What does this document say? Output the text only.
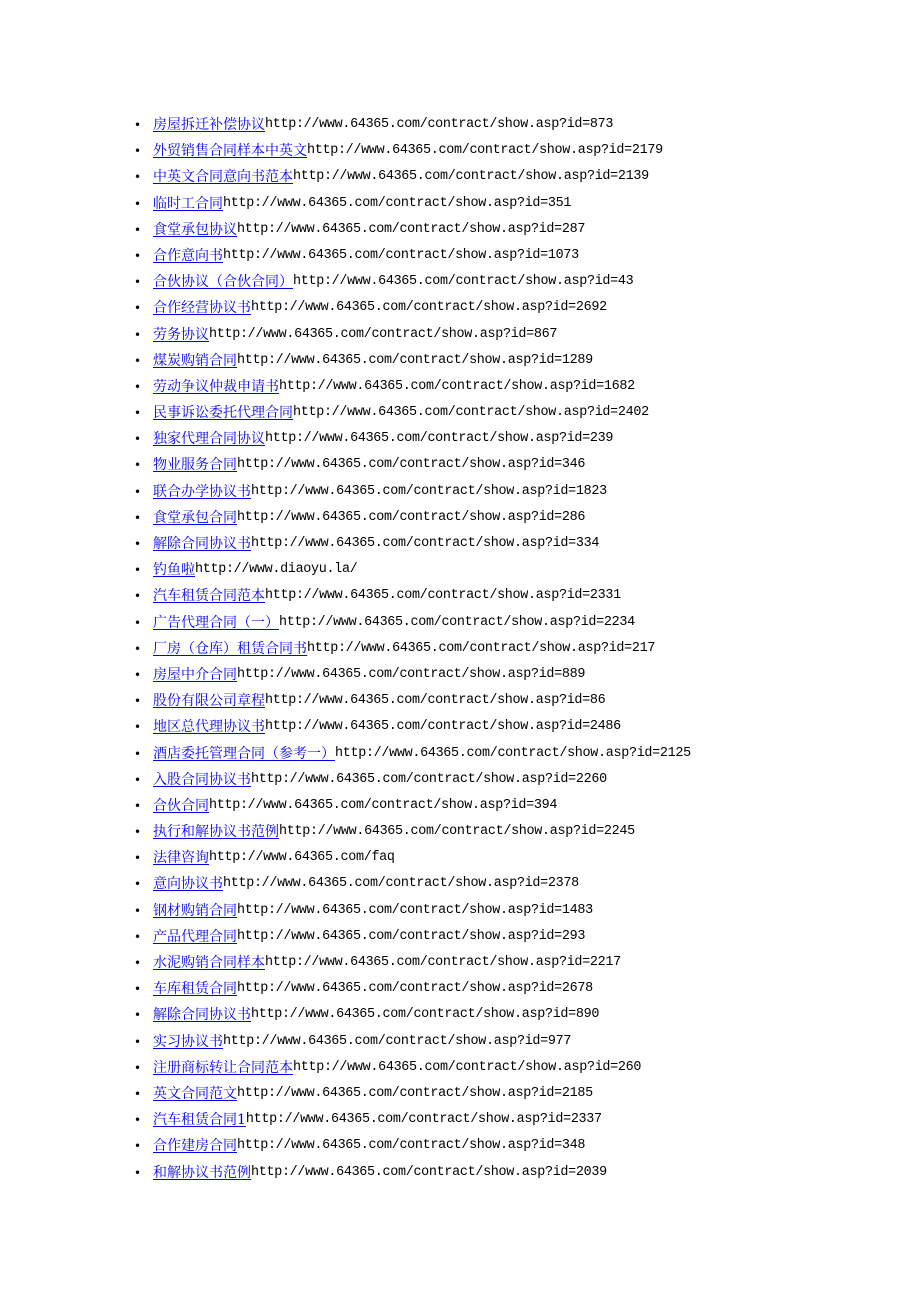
• 房屋拆迁补偿协议 http://www.64365.com/contract/show.asp?id=873
• 外贸销售合同样本中英文 http://www.64365.com/contract/show.asp?id=2179
• 中英文合同意向书范本 http://www.64365.com/contract/show.asp?id=2139
• 临时工合同 http://www.64365.com/contract/show.asp?id=351
• 食堂承包协议 http://www.64365.com/contract/show.asp?id=287
• 合作意向书 http://www.64365.com/contract/show.asp?id=1073
• 合伙协议（合伙合同） http://www.64365.com/contract/show.asp?id=43
• 合作经营协议书 http://www.64365.com/contract/show.asp?id=2692
• 劳务协议 http://www.64365.com/contract/show.asp?id=867
• 煤炭购销合同 http://www.64365.com/contract/show.asp?id=1289
• 劳动争议仲裁申请书 http://www.64365.com/contract/show.asp?id=1682
• 民事诉讼委托代理合同 http://www.64365.com/contract/show.asp?id=2402
• 独家代理合同协议 http://www.64365.com/contract/show.asp?id=239
• 物业服务合同 http://www.64365.com/contract/show.asp?id=346
• 联合办学协议书 http://www.64365.com/contract/show.asp?id=1823
• 食堂承包合同 http://www.64365.com/contract/show.asp?id=286
• 解除合同协议书 http://www.64365.com/contract/show.asp?id=334
• 钓鱼啦 http://www.diaoyu.la/
• 汽车租赁合同范本 http://www.64365.com/contract/show.asp?id=2331
• 广告代理合同（一） http://www.64365.com/contract/show.asp?id=2234
• 厂房（仓库）租赁合同书 http://www.64365.com/contract/show.asp?id=217
• 房屋中介合同 http://www.64365.com/contract/show.asp?id=889
• 股份有限公司章程 http://www.64365.com/contract/show.asp?id=86
• 地区总代理协议书 http://www.64365.com/contract/show.asp?id=2486
• 酒店委托管理合同（参考一） http://www.64365.com/contract/show.asp?id=2125
• 入股合同协议书 http://www.64365.com/contract/show.asp?id=2260
• 合伙合同 http://www.64365.com/contract/show.asp?id=394
• 执行和解协议书范例 http://www.64365.com/contract/show.asp?id=2245
• 法律咨询 http://www.64365.com/faq
• 意向协议书 http://www.64365.com/contract/show.asp?id=2378
• 钢材购销合同 http://www.64365.com/contract/show.asp?id=1483
• 产品代理合同 http://www.64365.com/contract/show.asp?id=293
• 水泥购销合同样本 http://www.64365.com/contract/show.asp?id=2217
• 车库租赁合同 http://www.64365.com/contract/show.asp?id=2678
• 解除合同协议书 http://www.64365.com/contract/show.asp?id=890
• 实习协议书 http://www.64365.com/contract/show.asp?id=977
• 注册商标转让合同范本 http://www.64365.com/contract/show.asp?id=260
• 英文合同范文 http://www.64365.com/contract/show.asp?id=2185
• 汽车租赁合同1 http://www.64365.com/contract/show.asp?id=2337
• 合作建房合同 http://www.64365.com/contract/show.asp?id=348
• 和解协议书范例 http://www.64365.com/contract/show.asp?id=2039
